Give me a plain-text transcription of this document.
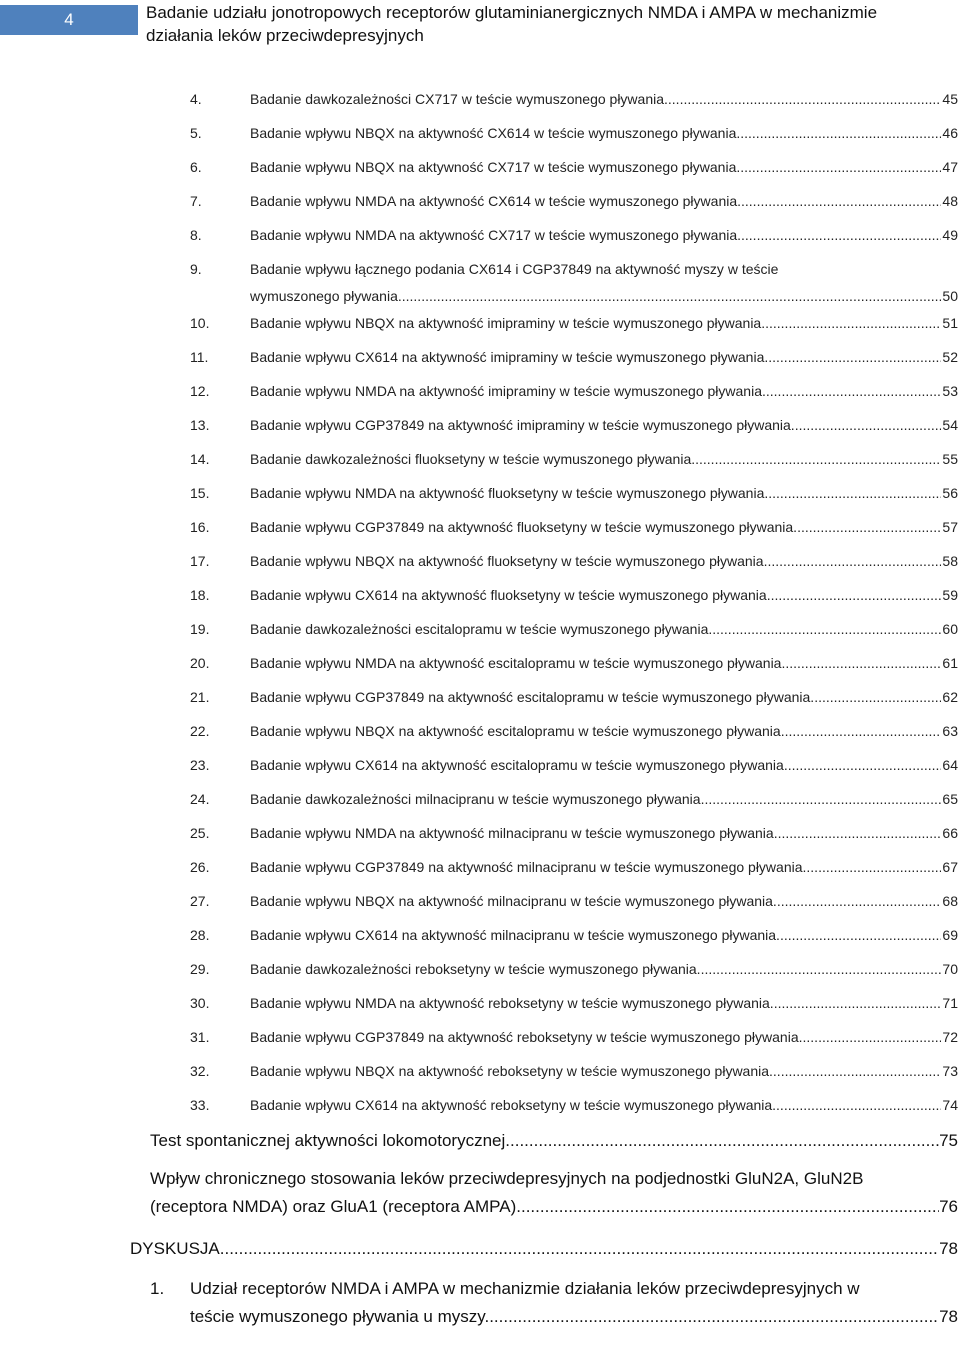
4	Badanie udziału jonotropowych receptorów glutaminianergicznych NMDA i AMPA w mechanizmie
działania leków przeciwdepresyjnych
4.	Badanie dawkozależności CX717 w teście wymuszonego pływania. .....	45
5.	Badanie wpływu NBQX na aktywność CX614 w teście wymuszonego pływania. .....	46
6.	Badanie wpływu NBQX na aktywność CX717 w teście wymuszonego pływania. .....	47
7.	Badanie wpływu NMDA na aktywność CX614 w teście wymuszonego pływania. .....	48
8.	Badanie wpływu NMDA na aktywność CX717 w teście wymuszonego pływania. .....	49
9.	Badanie wpływu łącznego podania CX614 i CGP37849 na aktywność myszy w teście
wymuszonego pływania .....	50
10.	Badanie wpływu NBQX na aktywność imipraminy w teście wymuszonego pływania. .....	51
11.	Badanie wpływu CX614 na aktywność imipraminy w teście wymuszonego pływania. .....	52
12.	Badanie wpływu NMDA na aktywność imipraminy w teście wymuszonego pływania. .....	53
13.	Badanie wpływu CGP37849 na aktywność imipraminy w teście wymuszonego pływania. .....	54
14.	Badanie dawkozależności fluoksetyny w teście wymuszonego pływania. .....	55
15.	Badanie wpływu NMDA na aktywność fluoksetyny w teście wymuszonego pływania. .....	56
16.	Badanie wpływu CGP37849 na aktywność fluoksetyny w teście wymuszonego pływania. .....	57
17.	Badanie wpływu NBQX na aktywność fluoksetyny w teście wymuszonego pływania. .....	58
18.	Badanie wpływu CX614 na aktywność fluoksetyny w teście wymuszonego pływania. .....	59
19.	Badanie dawkozależności escitalopramu w teście wymuszonego pływania. .....	60
20.	Badanie wpływu NMDA na aktywność escitalopramu w teście wymuszonego pływania. .....	61
21.	Badanie wpływu CGP37849 na aktywność escitalopramu w teście wymuszonego pływania. .....	62
22.	Badanie wpływu NBQX na aktywność escitalopramu w teście wymuszonego pływania. .....	63
23.	Badanie wpływu CX614 na aktywność escitalopramu w teście wymuszonego pływania. .....	64
24.	Badanie dawkozależności milnacipranu w teście wymuszonego pływania. .....	65
25.	Badanie wpływu NMDA na aktywność milnacipranu w teście wymuszonego pływania. .....	66
26.	Badanie wpływu CGP37849 na aktywność milnacipranu w teście wymuszonego pływania. .....	67
27.	Badanie wpływu NBQX na aktywność milnacipranu w teście wymuszonego pływania. .....	68
28.	Badanie wpływu CX614 na aktywność milnacipranu w teście wymuszonego pływania. .....	69
29.	Badanie dawkozależności reboksetyny w teście wymuszonego pływania. .....	70
30.	Badanie wpływu NMDA na aktywność reboksetyny w teście wymuszonego pływania. .....	71
31.	Badanie wpływu CGP37849 na aktywność reboksetyny w teście wymuszonego pływania. .....	72
32.	Badanie wpływu NBQX na aktywność reboksetyny w teście wymuszonego pływania. .....	73
33.	Badanie wpływu CX614 na aktywność reboksetyny w teście wymuszonego pływania. .....	74
Test spontanicznej aktywności lokomotorycznej .....	75
Wpływ chronicznego stosowania leków przeciwdepresyjnych na podjednostki GluN2A, GluN2B
(receptora NMDA) oraz GluA1 (receptora AMPA). .....	76
DYSKUSJA .....	78
1. Udział receptorów NMDA i AMPA w mechanizmie działania leków przeciwdepresyjnych w
teście wymuszonego pływania u myszy. .....	78
